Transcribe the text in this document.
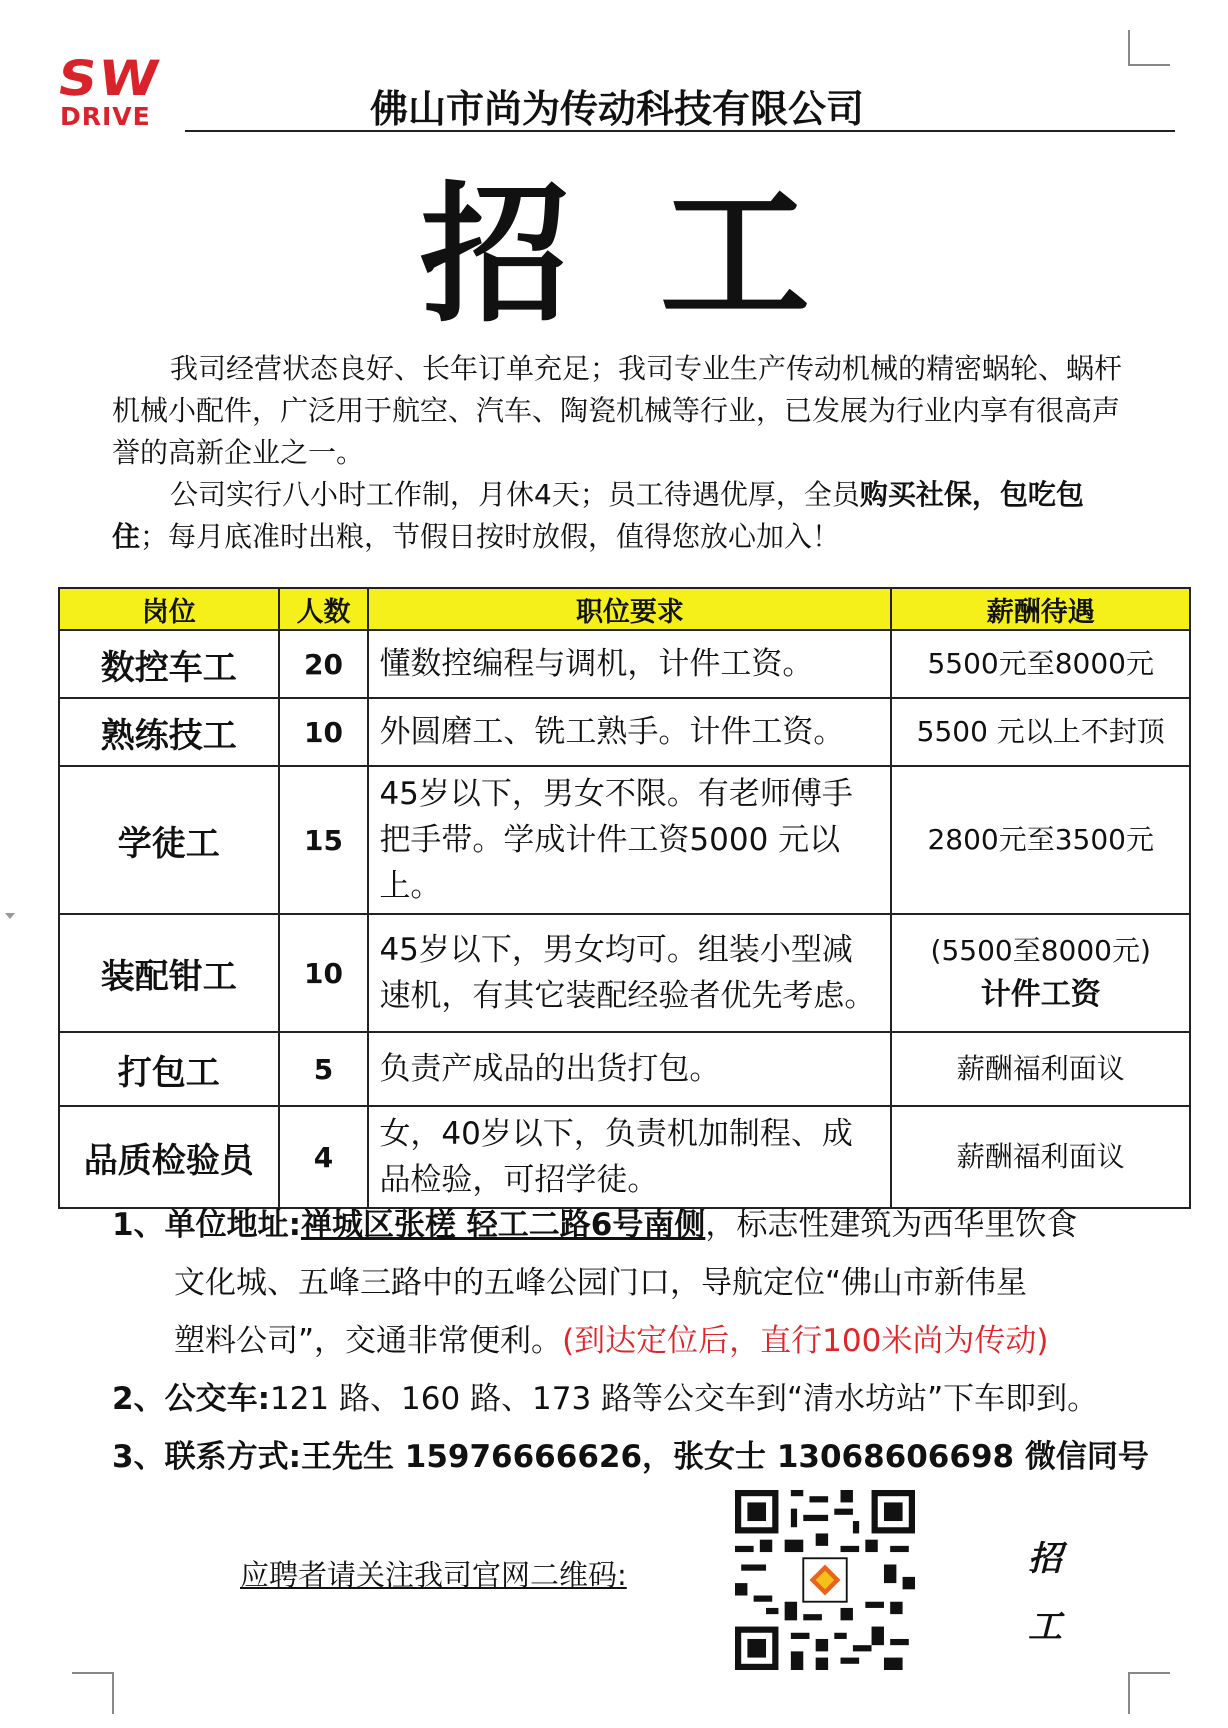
SW
DRIVE	佛山市尚为传动科技有限公司
招工

我司经营状态良好、长年订单充足；我司专业生产传动机械的精密蜗轮、蜗杆机械小配件，广泛用于航空、汽车、陶瓷机械等行业，已发展为行业内享有很高声誉的高新企业之一。

公司实行八小时工作制，月休4天；员工待遇优厚，全员购买社保，包吃包住；每月底准时出粮，节假日按时放假，值得您放心加入！

岗位	人数	职位要求	薪酬待遇
数控车工	20	懂数控编程与调机，计件工资。	5500元至8000元
熟练技工	10	外圆磨工、铣工熟手。计件工资。	5500 元以上不封顶
学徒工	15	45岁以下，男女不限。有老师傅手把手带。学成计件工资5000 元以上。	2800元至3500元
装配钳工	10	45岁以下，男女均可。组装小型减速机，有其它装配经验者优先考虑。	(5500至8000元)
计件工资
打包工	5	负责产成品的出货打包。	薪酬福利面议
品质检验员	4	女，40岁以下，负责机加制程、成品检验，可招学徒。	薪酬福利面议
1、单位地址:禅城区张槎 轻工二路6号南侧，标志性建筑为西华里饮食
文化城、五峰三路中的五峰公园门口，导航定位“佛山市新伟星
塑料公司”，交通非常便利。(到达定位后，直行100米尚为传动)
2、公交车:121 路、160 路、173 路等公交车到“清水坊站”下车即到。
3、联系方式:王先生 15976666626，张女士 13068606698 微信同号
应聘者请关注我司官网二维码:	招
工
